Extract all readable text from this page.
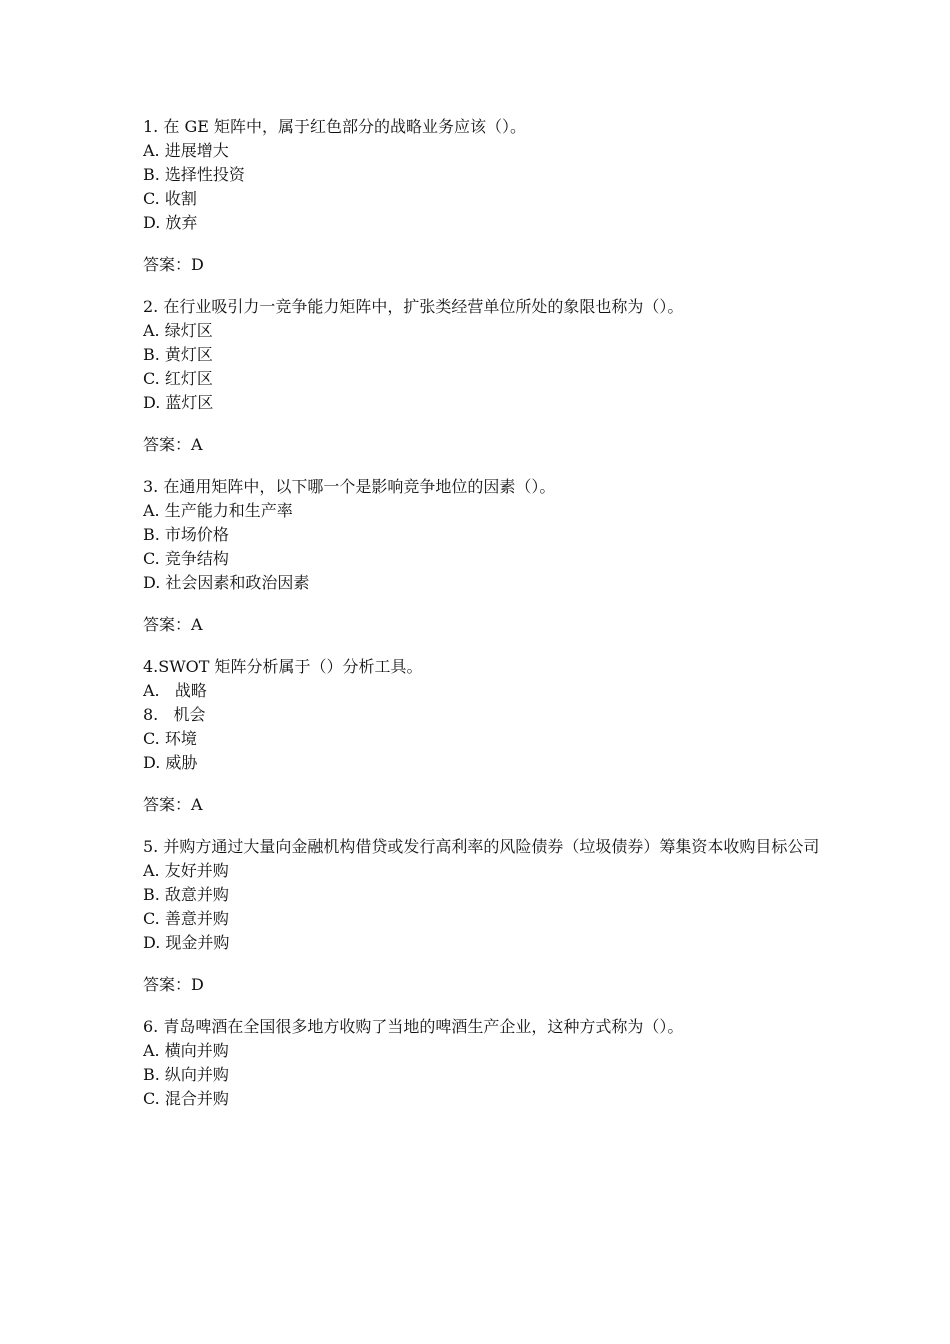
1. 在 GE 矩阵中，属于红色部分的战略业务应该（）。
A. 进展增大
B. 选择性投资
C. 收割
D. 放弃
答案：D
2. 在行业吸引力一竞争能力矩阵中，扩张类经营单位所处的象限也称为（）。
A. 绿灯区
B. 黄灯区
C. 红灯区
D. 蓝灯区
答案：A
3. 在通用矩阵中，以下哪一个是影响竞争地位的因素（）。
A. 生产能力和生产率
B. 市场价格
C. 竞争结构
D. 社会因素和政治因素
答案：A
4.SWOT 矩阵分析属于（）分析工具。
A.   战略
8.   机会
C. 环境
D. 威胁
答案：A
5. 并购方通过大量向金融机构借贷或发行高利率的风险债券（垃圾债券）筹集资本收购目标公司
A. 友好并购
B. 敌意并购
C. 善意并购
D. 现金并购
答案：D
6. 青岛啤酒在全国很多地方收购了当地的啤酒生产企业，这种方式称为（）。
A. 横向并购
B. 纵向并购
C. 混合并购
